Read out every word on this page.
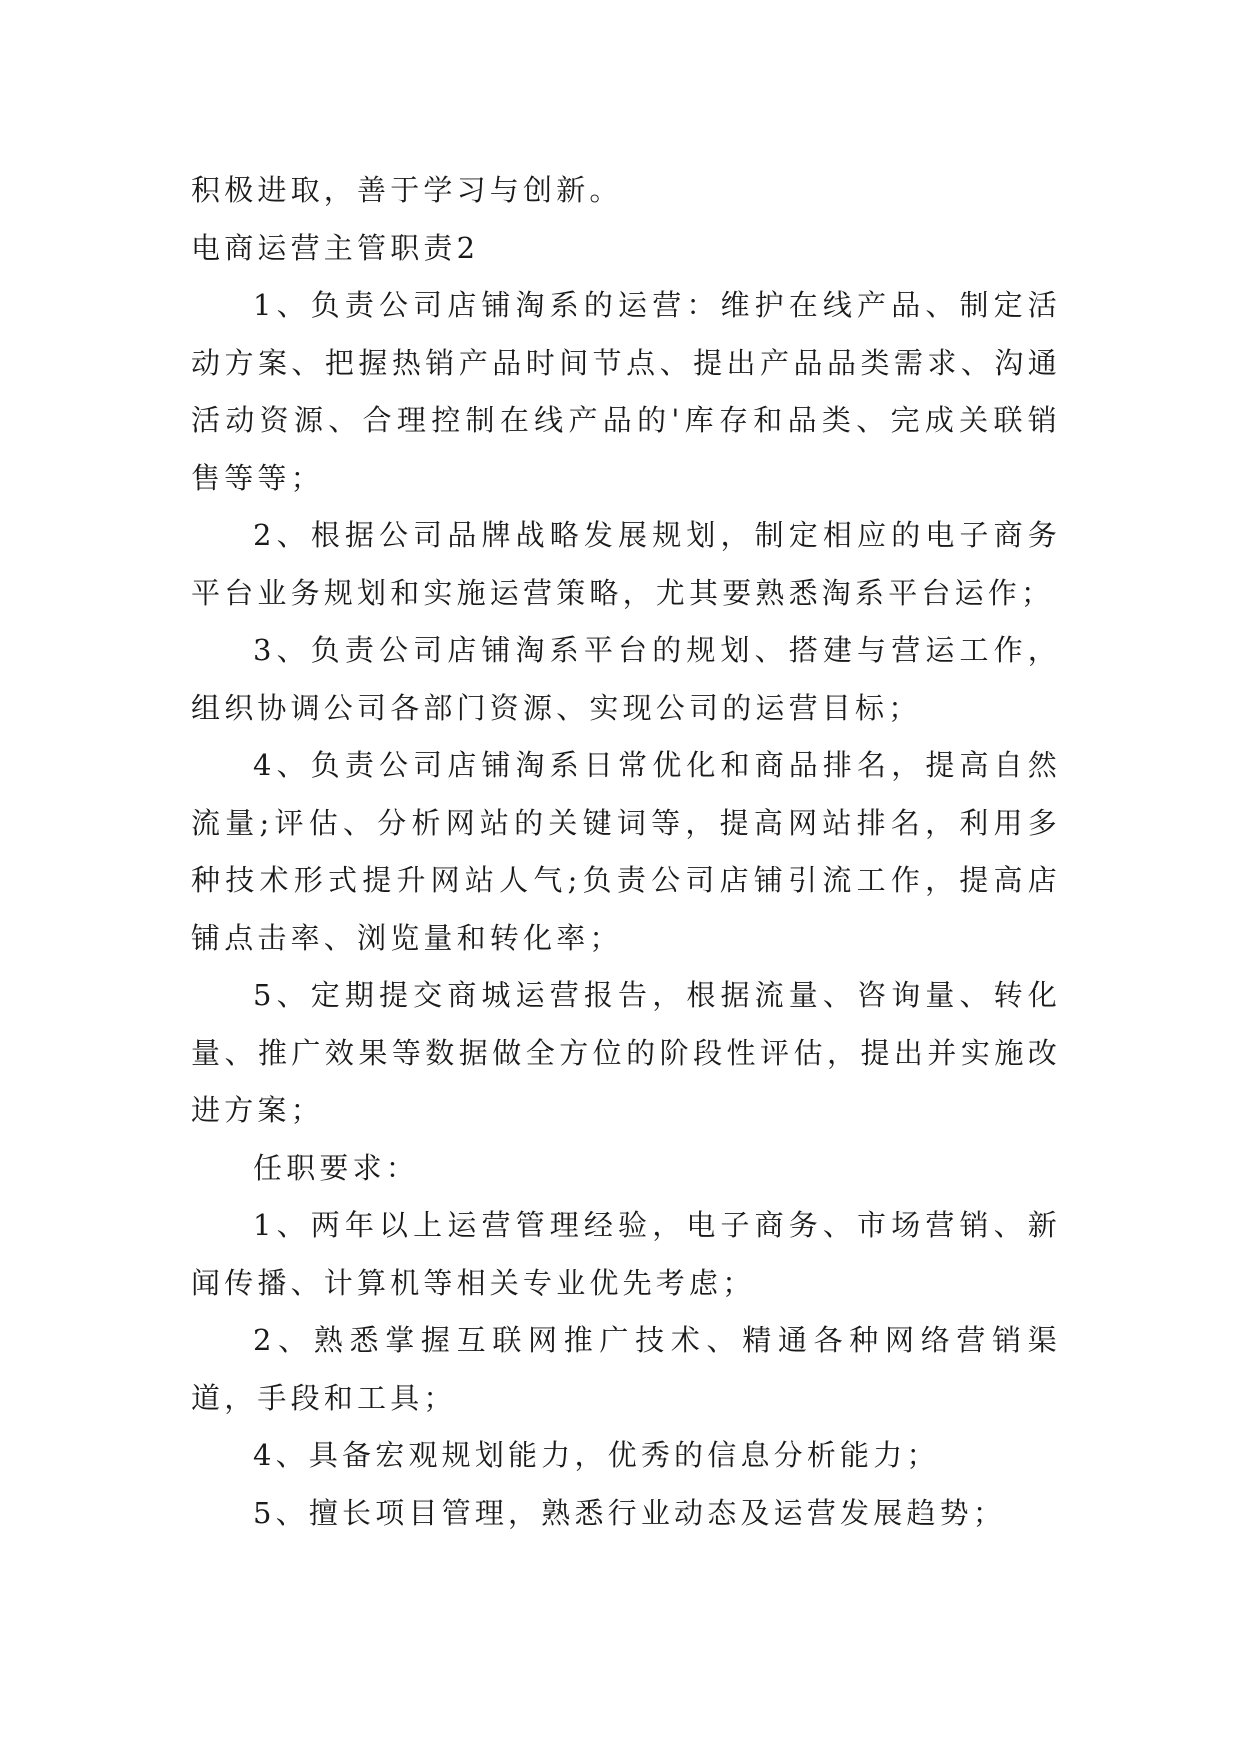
积极进取，善于学习与创新。

电商运营主管职责2

1、负责公司店铺淘系的运营：维护在线产品、制定活动方案、把握热销产品时间节点、提出产品品类需求、沟通活动资源、合理控制在线产品的'库存和品类、完成关联销售等等；

2、根据公司品牌战略发展规划，制定相应的电子商务平台业务规划和实施运营策略，尤其要熟悉淘系平台运作；

3、负责公司店铺淘系平台的规划、搭建与营运工作，组织协调公司各部门资源、实现公司的运营目标；

4、负责公司店铺淘系日常优化和商品排名，提高自然流量;评估、分析网站的关键词等，提高网站排名，利用多种技术形式提升网站人气;负责公司店铺引流工作，提高店铺点击率、浏览量和转化率；

5、定期提交商城运营报告，根据流量、咨询量、转化量、推广效果等数据做全方位的阶段性评估，提出并实施改进方案；

任职要求：

1、两年以上运营管理经验，电子商务、市场营销、新闻传播、计算机等相关专业优先考虑；

2、熟悉掌握互联网推广技术、精通各种网络营销渠道，手段和工具；

4、具备宏观规划能力，优秀的信息分析能力；

5、擅长项目管理，熟悉行业动态及运营发展趋势；
